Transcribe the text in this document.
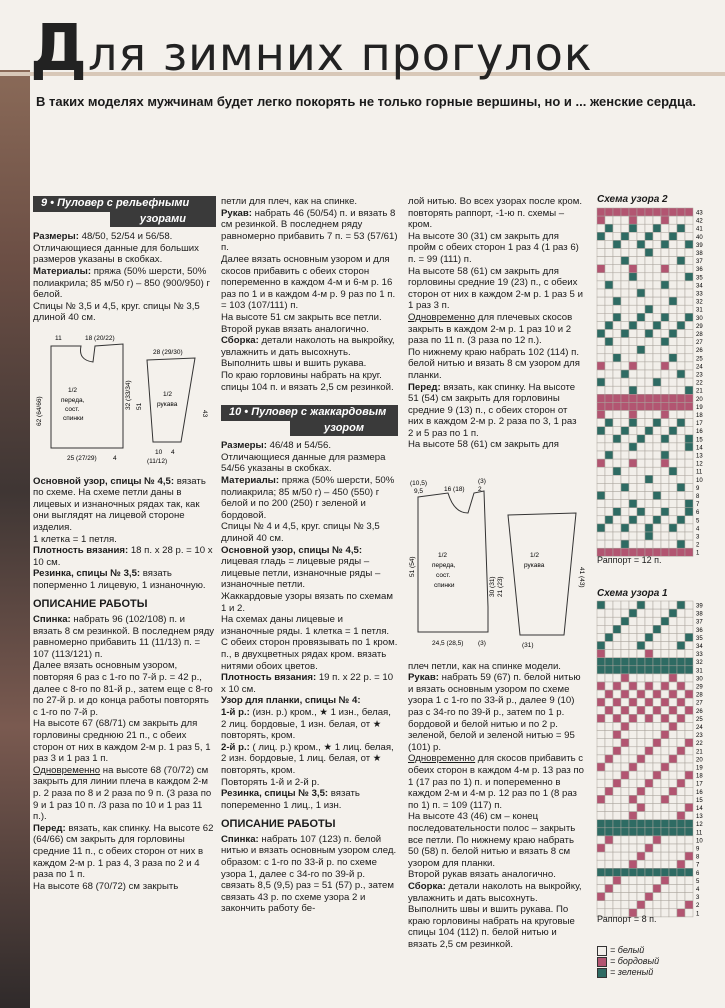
Для зимних прогулок
В таких моделях мужчинам будет легко покорять не только горные вершины, но и ... женские сердца.
9 • Пуловер с рельефными
узорами

Размеры: 48/50, 52/54 и 56/58.

Отличающиеся данные для больших размеров указаны в скобках.

Материалы: пряжа (50% шерсти, 50% полиакрила; 85 м/50 г) – 850 (900/950) г белой.

Спицы № 3,5 и 4,5, круг. спицы № 3,5 длиной 40 см.

11	18 (20/22)
1/2
переда,
сост.
спинки
62 (64/66)
32 (33/34)
25 (27/29)	4
28 (29/30)
1/2
рукава
43
51
10 4
(11/12)

Основной узор, спицы № 4,5: вязать по схеме. На схеме петли даны в лицевых и изнаночных рядах так, как они выглядят на лицевой стороне изделия.

1 клетка = 1 петля.

Плотность вязания: 18 п. х 28 р. = 10 х 10 см.

Резинка, спицы № 3,5: вязать поперменно 1 лицевую, 1 изнаночную.

ОПИСАНИЕ РАБОТЫ

Спинка: набрать 96 (102/108) п. и вязать 8 см резинкой. В последнем ряду равномерно прибавить 11 (11/13) п. = 107 (113/121) п.

Далее вязать основным узором, повторяя 6 раз с 1-го по 7-й р. = 42 р., далее с 8-го по 81-й р., затем еще с 8-го по 27-й р. и до конца работы повторять с 1-го по 7-й р.

На высоте 67 (68/71) см закрыть для горловины среднюю 21 п., с обеих сторон от них в каждом 2-м р. 1 раз 5, 1 раз 3 и 1 раз 1 п.

Одновременно на высоте 68 (70/72) см закрыть для линии плеча в каждом 2-м р. 2 раза по 8 и 2 раза по 9 п. (3 раза по 9 и 1 раз 10 п. /3 раза по 10 и 1 раз 11 п.).

Перед: вязать, как спинку. На высоте 62 (64/66) см закрыть для горловины средние 11 п., с обеих сторон от них в каждом 2-м р. 1 раз 4, 3 раза по 2 и 4 раза по 1 п.

На высоте 68 (70/72) см закрыть

петли для плеч, как на спинке.

Рукав: набрать 46 (50/54) п. и вязать 8 см резинкой. В последнем ряду равномерно прибавить 7 п. = 53 (57/61) п.

Далее вязать основным узором и для скосов прибавить с обеих сторон попеременно в каждом 4-м и 6-м р. 16 раз по 1 и в каждом 4-м р. 9 раз по 1 п. = 103 (107/111) п.

На высоте 51 см закрыть все петли.

Второй рукав вязать аналогично.

Сборка: детали наколоть на выкройку, увлажнить и дать высохнуть. Выполнить швы и вшить рукава.

По краю горловины набрать на круг. спицы 104 п. и вязать 2,5 см резинкой.

10 • Пуловер с жаккардовым
узором

Размеры: 46/48 и 54/56.

Отличающиеся данные для размера 54/56 указаны в скобках.

Материалы: пряжа (50% шерсти, 50% полиакрила; 85 м/50 г) – 450 (550) г белой и по 200 (250) г зеленой и бордовой.

Спицы № 4 и 4,5, круг. спицы № 3,5 длиной 40 см.

Основной узор, спицы № 4,5: лицевая гладь = лицевые ряды – лицевые петли, изнаночные ряды – изнаночные петли.

Жаккардовые узоры вязать по схемам 1 и 2.

На схемах даны лицевые и изнаночные ряды. 1 клетка = 1 петля. С обеих сторон провязывать по 1 кром. п., в двухцветных рядах кром. вязать нитями обоих цветов.

Плотность вязания: 19 п. х 22 р. = 10 х 10 см.

Узор для планки, спицы № 4:

1-й р.: (изн. р.) кром., ★ 1 изн., белая, 2 лиц. бордовые, 1 изн. белая, от ★ повторять, кром.

2-й р.: ( лиц. р.) кром., ★ 1 лиц. белая, 2 изн. бордовые, 1 лиц. белая, от ★ повторять, кром.

Повторять 1-й и 2-й р.

Резинка, спицы № 3,5: вязать попеременно 1 лиц., 1 изн.

ОПИСАНИЕ РАБОТЫ

Спинка: набрать 107 (123) п. белой нитью и вязать основным узором след. образом: с 1-го по 33-й р. по схеме узора 1, далее с 34-го по 39-й р. связать 8,5 (9,5) раз = 51 (57) р., затем связать 43 р. по схеме узора 2 и закончить работу бе-

лой нитью. Во всех узорах после кром. повторять раппорт, -1-ю п. схемы – кром.

На высоте 30 (31) см закрыть для пройм с обеих сторон 1 раз 4 (1 раз 6) п. = 99 (111) п.

На высоте 58 (61) см закрыть для горловины средние 19 (23) п., с обеих сторон от них в каждом 2-м р. 1 раз 5 и 1 раз 3 п.

Одновременно для плечевых скосов закрыть в каждом 2-м р. 1 раз 10 и 2 раза по 11 п. (3 раза по 12 п.).

По нижнему краю набрать 102 (114) п. белой нитью и вязать 8 см узором для планки.

Перед: вязать, как спинку. На высоте 51 (54) см закрыть для горловины средние 9 (13) п., с обеих сторон от них в каждом 2-м р. 2 раза по 3, 1 раз 2 и 5 раз по 1 п.

На высоте 58 (61) см закрыть для

(10,5)
9,5	16 (18)
(3)
2
1/2
переда,
сост.
спинки
51 (54)
30 (31) 21 (23)
24,5 (28,5) (3)
1/2
рукава
41 (43)
(31)

плеч петли, как на спинке модели.

Рукав: набрать 59 (67) п. белой нитью и вязать основным узором по схеме узора 1 с 1-го по 33-й р., далее 9 (10) раз с 34-го по 39-й р., затем по 1 р. бордовой и белой нитью и по 2 р. зеленой, белой и зеленой нитью = 95 (101) р.

Одновременно для скосов прибавить с обеих сторон в каждом 4-м р. 13 раз по 1 (17 раз по 1) п. и попеременно в каждом 2-м и 4-м р. 12 раз по 1 (8 раз по 1) п. = 109 (117) п.

На высоте 43 (46) см – конец последовательности полос – закрыть все петли. По нижнему краю набрать 50 (58) п. белой нитью и вязать 8 см узором для планки.

Второй рукав вязать аналогично.

Сборка: детали наколоть на выкройку, увлажнить и дать высохнуть. Выполнить швы и вшить рукава. По краю горловины набрать на круговые спицы 104 (112) п. белой нитью и вязать 2,5 см резинкой.

Схема узора 2
43
42
41
40
39
38
37
36
35
34
33
32
31
30
29
28
27
26
25
24
23
22
21
20
19
18
17
16
15
14
13
12
11
10
9
8
7
6
5
4
3
2
1
Раппорт = 12 п.
Схема узора 1
39
38
37
36
35
34
33
32
31
30
29
28
27
26
25
24
23
22
21
20
19
18
17
16
15
14
13
12
11
10
9
8
7
6
5
4
3
2
1
Раппорт = 8 п.
= белый
= бордовый
= зеленый
